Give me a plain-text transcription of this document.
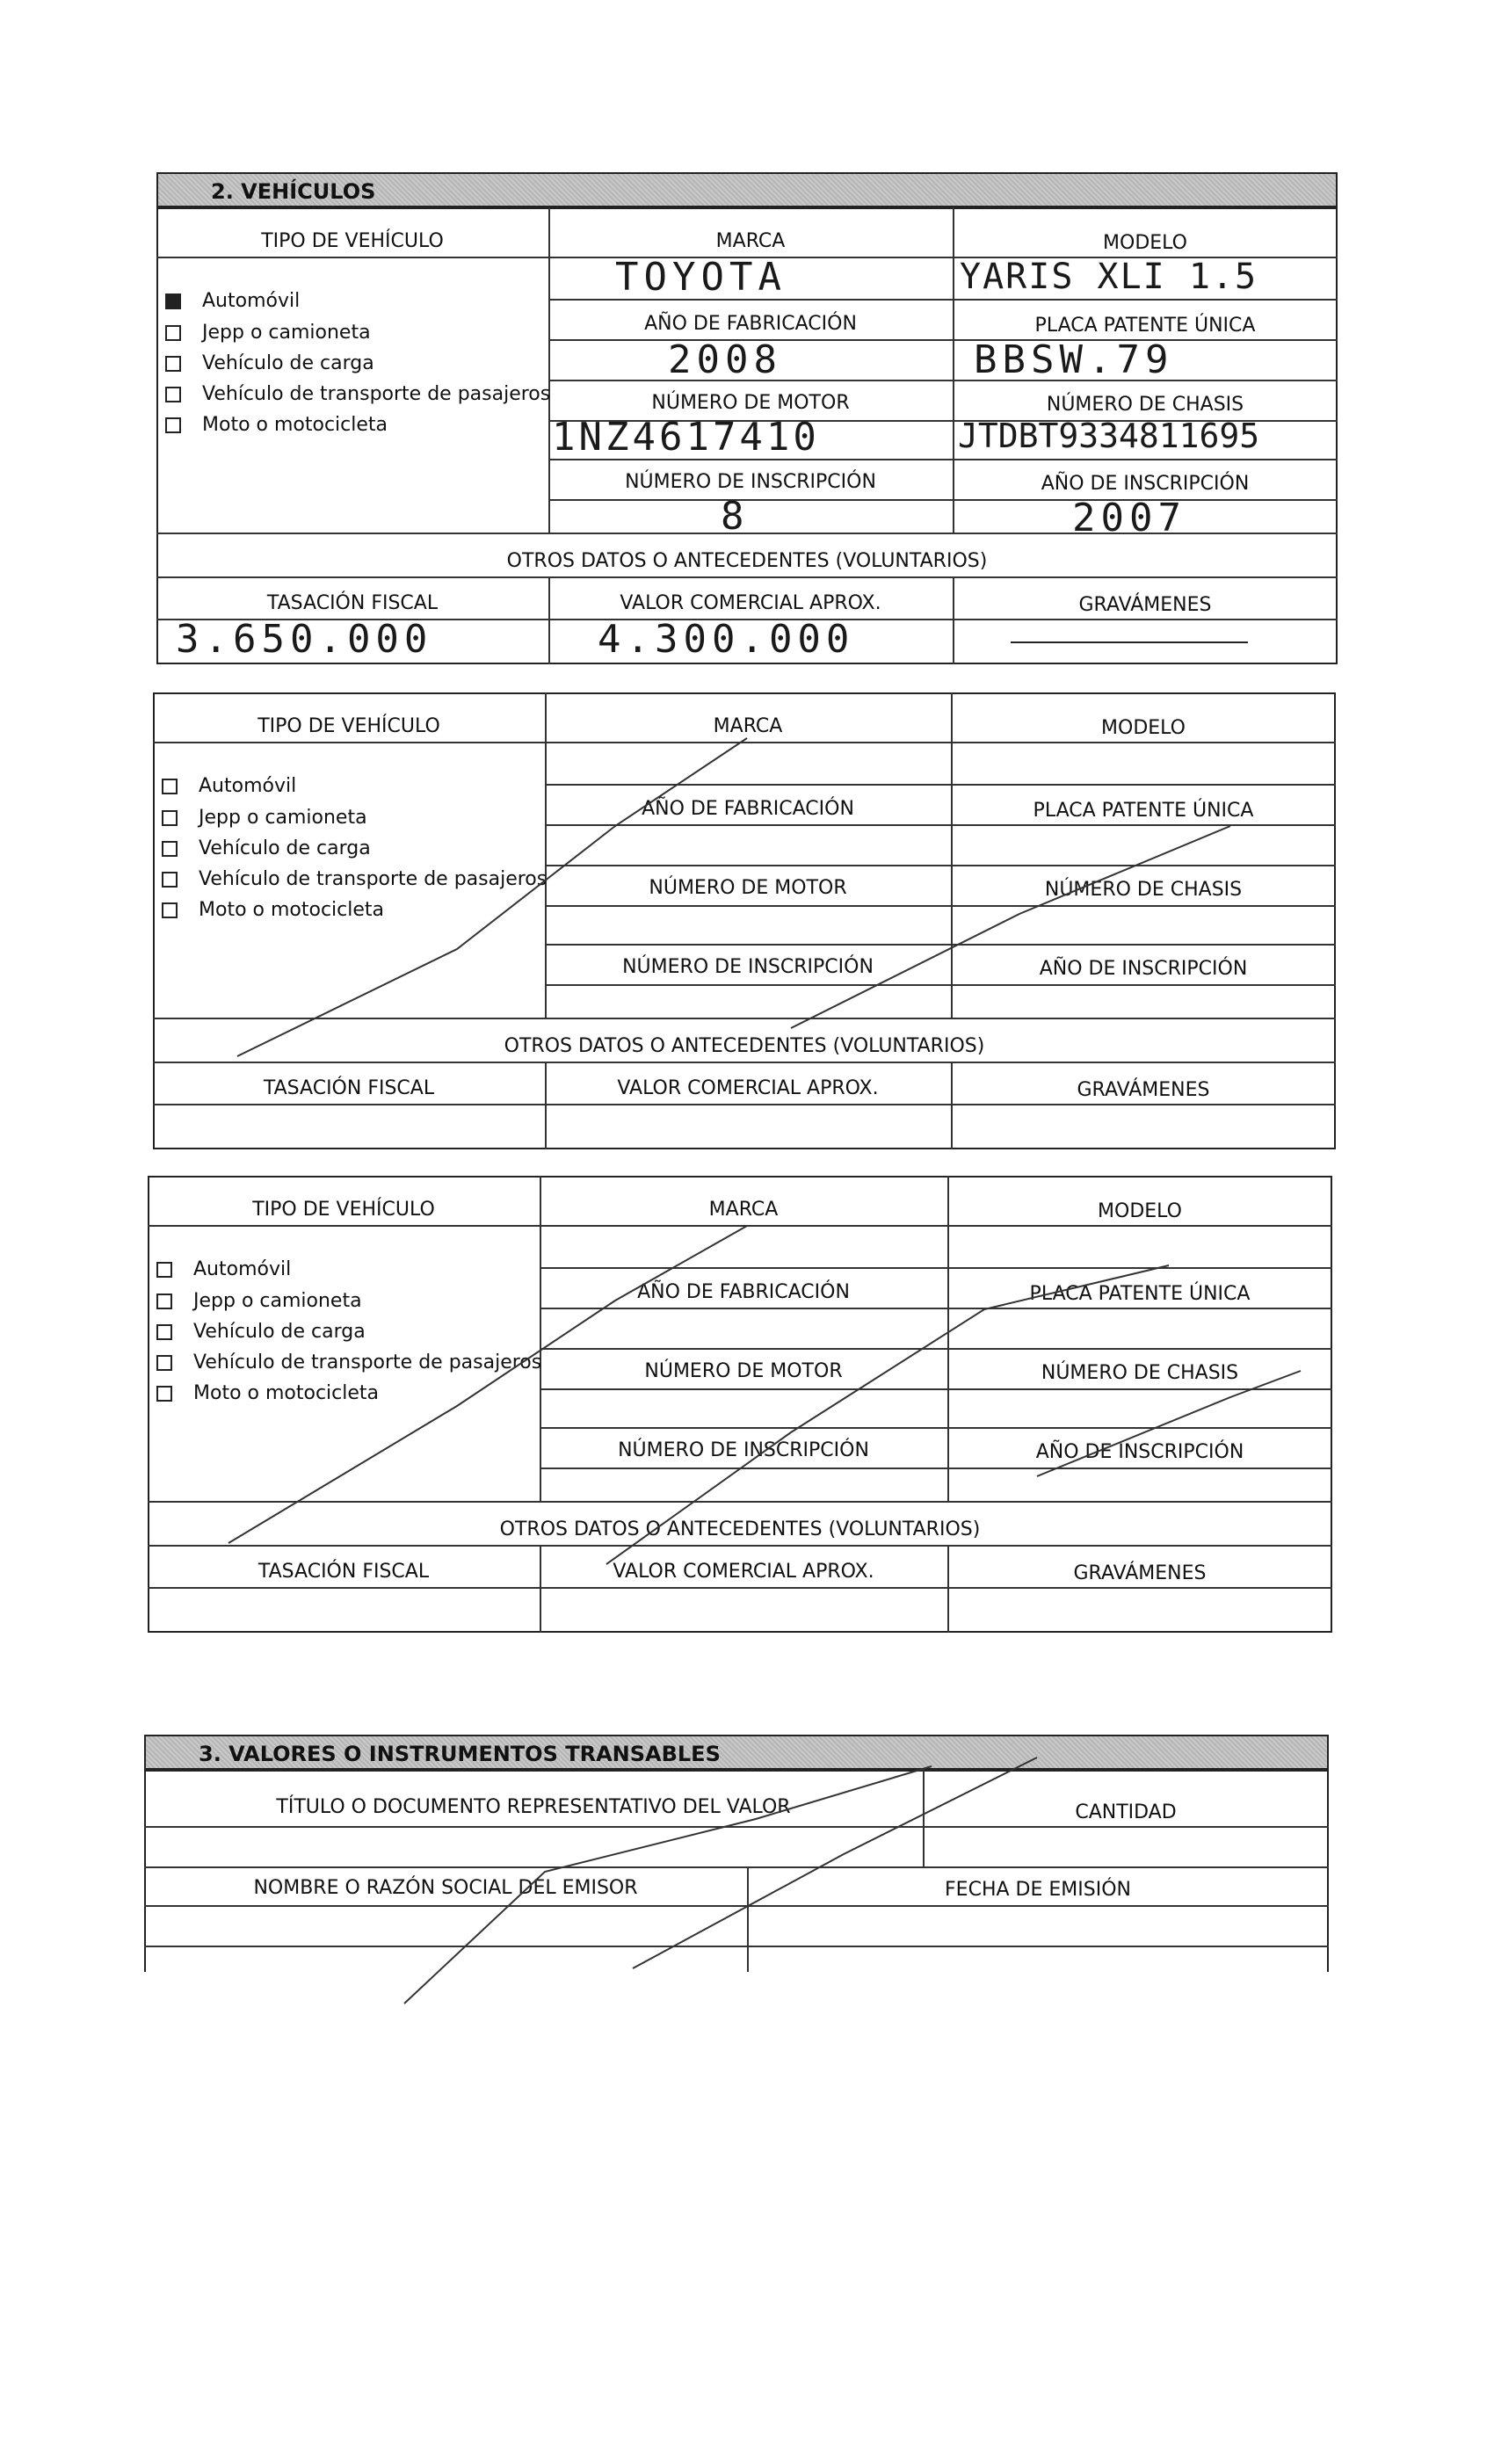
2. VEHÍCULOS
TIPO DE VEHÍCULO	MARCA	MODELO
TOYOTA	YARIS XLI 1.5
AÑO DE FABRICACIÓN	PLACA PATENTE ÚNICA
2008	BBSW.79
NÚMERO DE MOTOR	NÚMERO DE CHASIS
1NZ4617410	JTDBT9334811695
NÚMERO DE INSCRIPCIÓN	AÑO DE INSCRIPCIÓN
8	2007
OTROS DATOS O ANTECEDENTES (VOLUNTARIOS)
TASACIÓN FISCAL	VALOR COMERCIAL APROX.	GRAVÁMENES
3.650.000	4.300.000
Automóvil
Jepp o camioneta
Vehículo de carga
Vehículo de transporte de pasajeros
Moto o motocicleta
TIPO DE VEHÍCULO	MARCA	MODELO
AÑO DE FABRICACIÓN	PLACA PATENTE ÚNICA
NÚMERO DE MOTOR	NÚMERO DE CHASIS
NÚMERO DE INSCRIPCIÓN	AÑO DE INSCRIPCIÓN
OTROS DATOS O ANTECEDENTES (VOLUNTARIOS)
TASACIÓN FISCAL	VALOR COMERCIAL APROX.	GRAVÁMENES
Automóvil
Jepp o camioneta
Vehículo de carga
Vehículo de transporte de pasajeros
Moto o motocicleta
TIPO DE VEHÍCULO	MARCA	MODELO
AÑO DE FABRICACIÓN	PLACA PATENTE ÚNICA
NÚMERO DE MOTOR	NÚMERO DE CHASIS
NÚMERO DE INSCRIPCIÓN	AÑO DE INSCRIPCIÓN
OTROS DATOS O ANTECEDENTES (VOLUNTARIOS)
TASACIÓN FISCAL	VALOR COMERCIAL APROX.	GRAVÁMENES
Automóvil
Jepp o camioneta
Vehículo de carga
Vehículo de transporte de pasajeros
Moto o motocicleta
3. VALORES O INSTRUMENTOS TRANSABLES
TÍTULO O DOCUMENTO REPRESENTATIVO DEL VALOR	CANTIDAD
NOMBRE O RAZÓN SOCIAL DEL EMISOR	FECHA DE EMISIÓN
